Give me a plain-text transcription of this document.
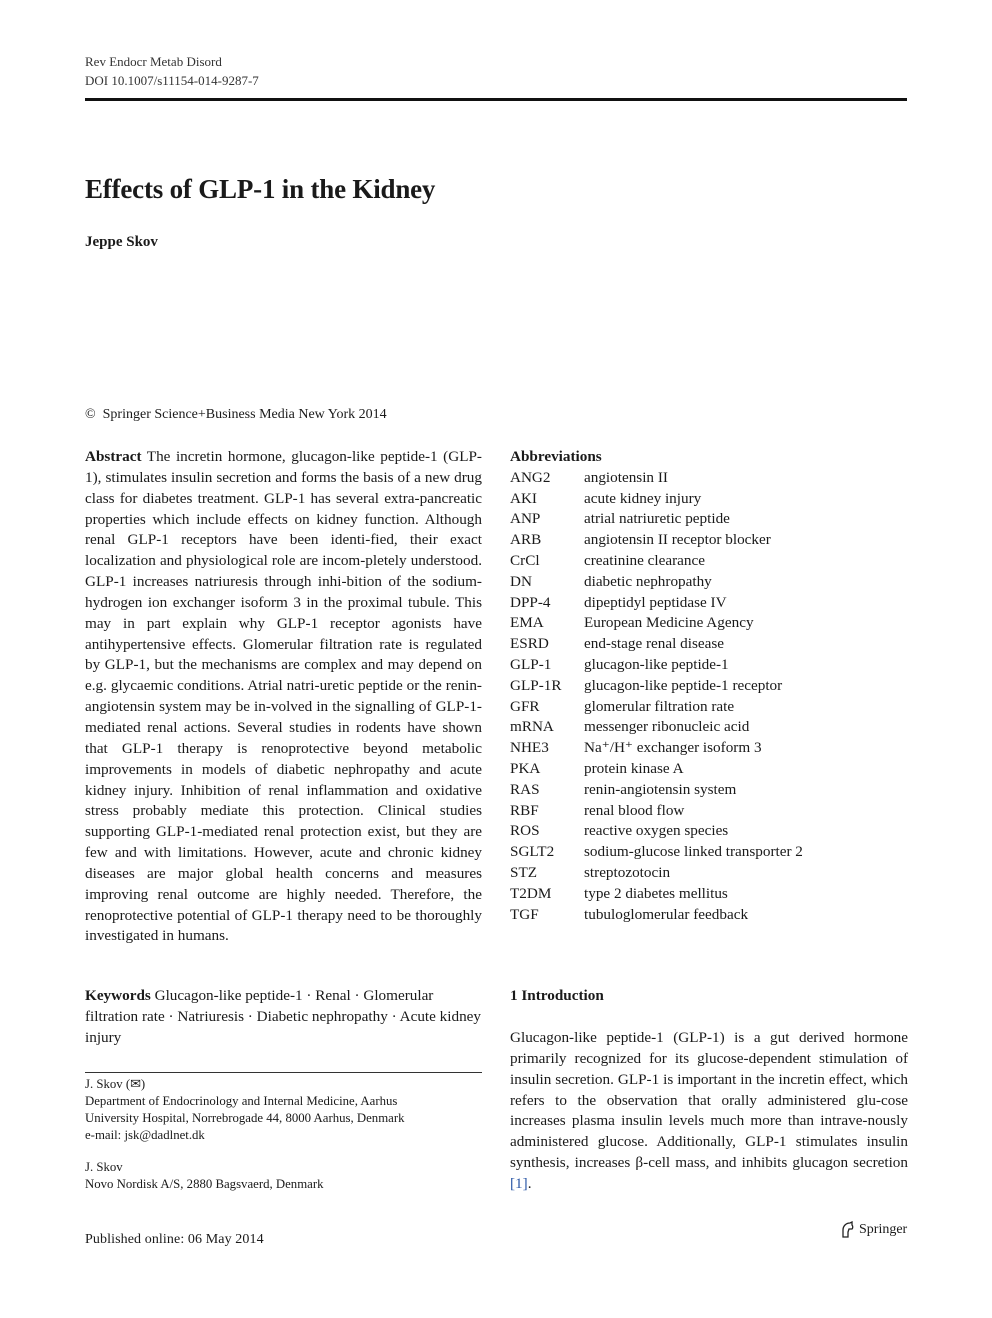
Rev Endocr Metab Disord
DOI 10.1007/s11154-014-9287-7
Effects of GLP-1 in the Kidney
Jeppe Skov
© Springer Science+Business Media New York 2014

Abstract The incretin hormone, glucagon-like peptide-1 (GLP-1), stimulates insulin secretion and forms the basis of a new drug class for diabetes treatment. GLP-1 has several extra-pancreatic properties which include effects on kidney function. Although renal GLP-1 receptors have been identi-fied, their exact localization and physiological role are incom-pletely understood. GLP-1 increases natriuresis through inhi-bition of the sodium-hydrogen ion exchanger isoform 3 in the proximal tubule. This may in part explain why GLP-1 receptor agonists have antihypertensive effects. Glomerular filtration rate is regulated by GLP-1, but the mechanisms are complex and may depend on e.g. glycaemic conditions. Atrial natri-uretic peptide or the renin-angiotensin system may be in-volved in the signalling of GLP-1-mediated renal actions. Several studies in rodents have shown that GLP-1 therapy is renoprotective beyond metabolic improvements in models of diabetic nephropathy and acute kidney injury. Inhibition of renal inflammation and oxidative stress probably mediate this protection. Clinical studies supporting GLP-1-mediated renal protection exist, but they are few and with limitations. However, acute and chronic kidney diseases are major global health concerns and measures improving renal outcome are highly needed. Therefore, the renoprotective potential of GLP-1 therapy need to be thoroughly investigated in humans.

Keywords Glucagon-like peptide-1 · Renal · Glomerular filtration rate · Natriuresis · Diabetic nephropathy · Acute kidney injury

J. Skov (✉)
Department of Endocrinology and Internal Medicine, Aarhus
University Hospital, Norrebrogade 44, 8000 Aarhus, Denmark
e-mail: jsk@dadlnet.dk
J. Skov
Novo Nordisk A/S, 2880 Bagsvaerd, Denmark
Abbreviations
ANG2	angiotensin II
AKI	acute kidney injury
ANP	atrial natriuretic peptide
ARB	angiotensin II receptor blocker
CrCl	creatinine clearance
DN	diabetic nephropathy
DPP-4	dipeptidyl peptidase IV
EMA	European Medicine Agency
ESRD	end-stage renal disease
GLP-1	glucagon-like peptide-1
GLP-1R	glucagon-like peptide-1 receptor
GFR	glomerular filtration rate
mRNA	messenger ribonucleic acid
NHE3	Na⁺/H⁺ exchanger isoform 3
PKA	protein kinase A
RAS	renin-angiotensin system
RBF	renal blood flow
ROS	reactive oxygen species
SGLT2	sodium-glucose linked transporter 2
STZ	streptozotocin
T2DM	type 2 diabetes mellitus
TGF	tubuloglomerular feedback
1 Introduction

Glucagon-like peptide-1 (GLP-1) is a gut derived hormone primarily recognized for its glucose-dependent stimulation of insulin secretion. GLP-1 is important in the incretin effect, which refers to the observation that orally administered glu-cose increases plasma insulin levels much more than intrave-nously administered glucose. Additionally, GLP-1 stimulates insulin synthesis, increases β-cell mass, and inhibits glucagon secretion [1].

Published online: 06 May 2014
Springer
